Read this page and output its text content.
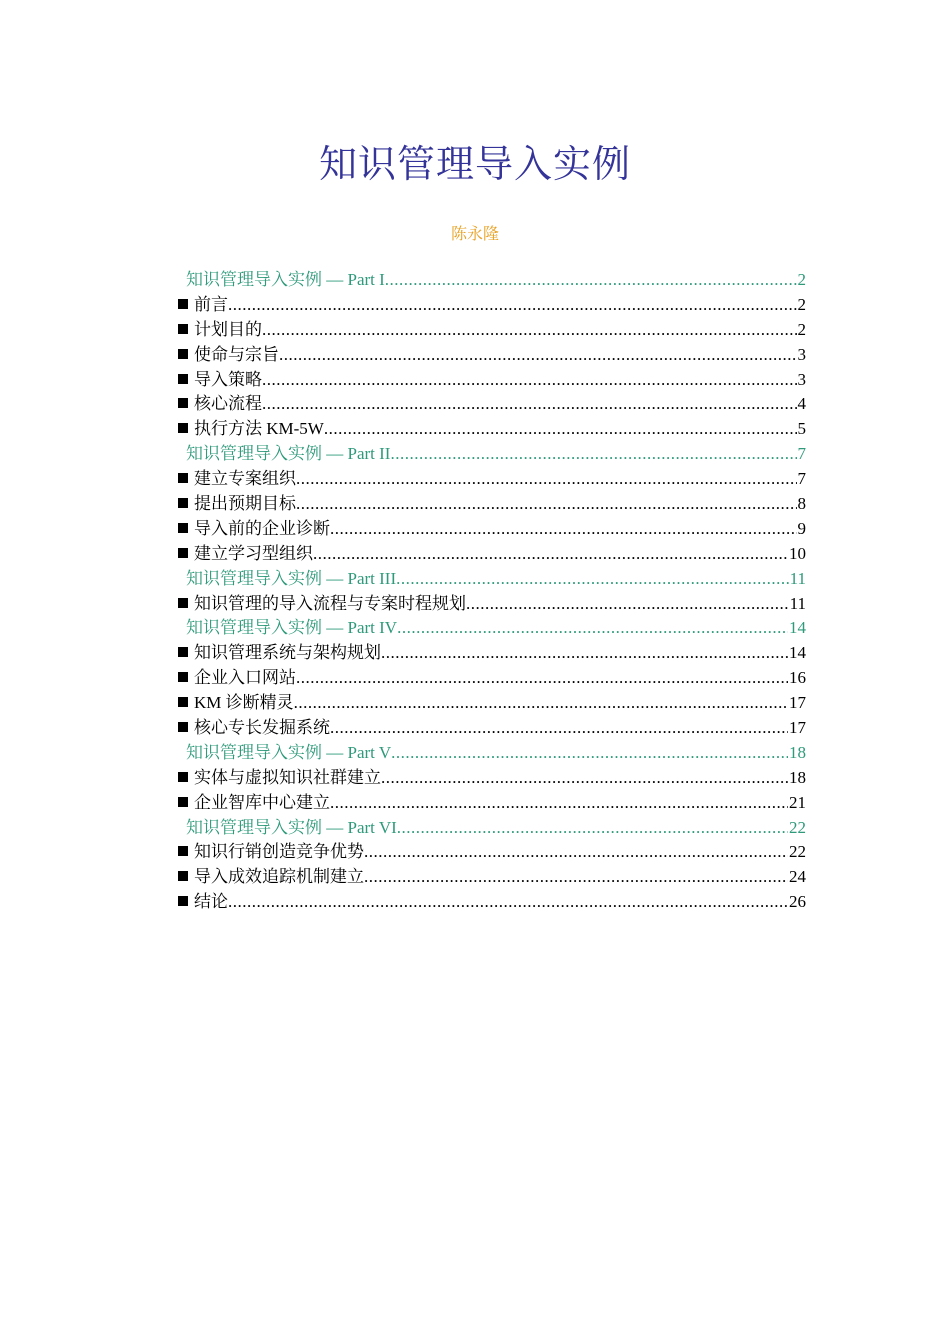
知识管理导入实例
陈永隆
知识管理导入实例 — Part I .....	2
前言 .....	2
计划目的 .....	2
使命与宗旨 .....	3
导入策略 .....	3
核心流程 .....	4
执行方法 KM-5W .....	5
知识管理导入实例 — Part II .....	7
建立专案组织 .....	7
提出预期目标 .....	8
导入前的企业诊断 .....	9
建立学习型组织 .....	10
知识管理导入实例 — Part III .....	11
知识管理的导入流程与专案时程规划 .....	11
知识管理导入实例 — Part IV .....	14
知识管理系统与架构规划 .....	14
企业入口网站 .....	16
KM 诊断精灵 .....	17
核心专长发掘系统 .....	17
知识管理导入实例 — Part V .....	18
实体与虚拟知识社群建立 .....	18
企业智库中心建立 .....	21
知识管理导入实例 — Part VI .....	22
知识行销创造竞争优势 .....	22
导入成效追踪机制建立 .....	24
结论 .....	26
